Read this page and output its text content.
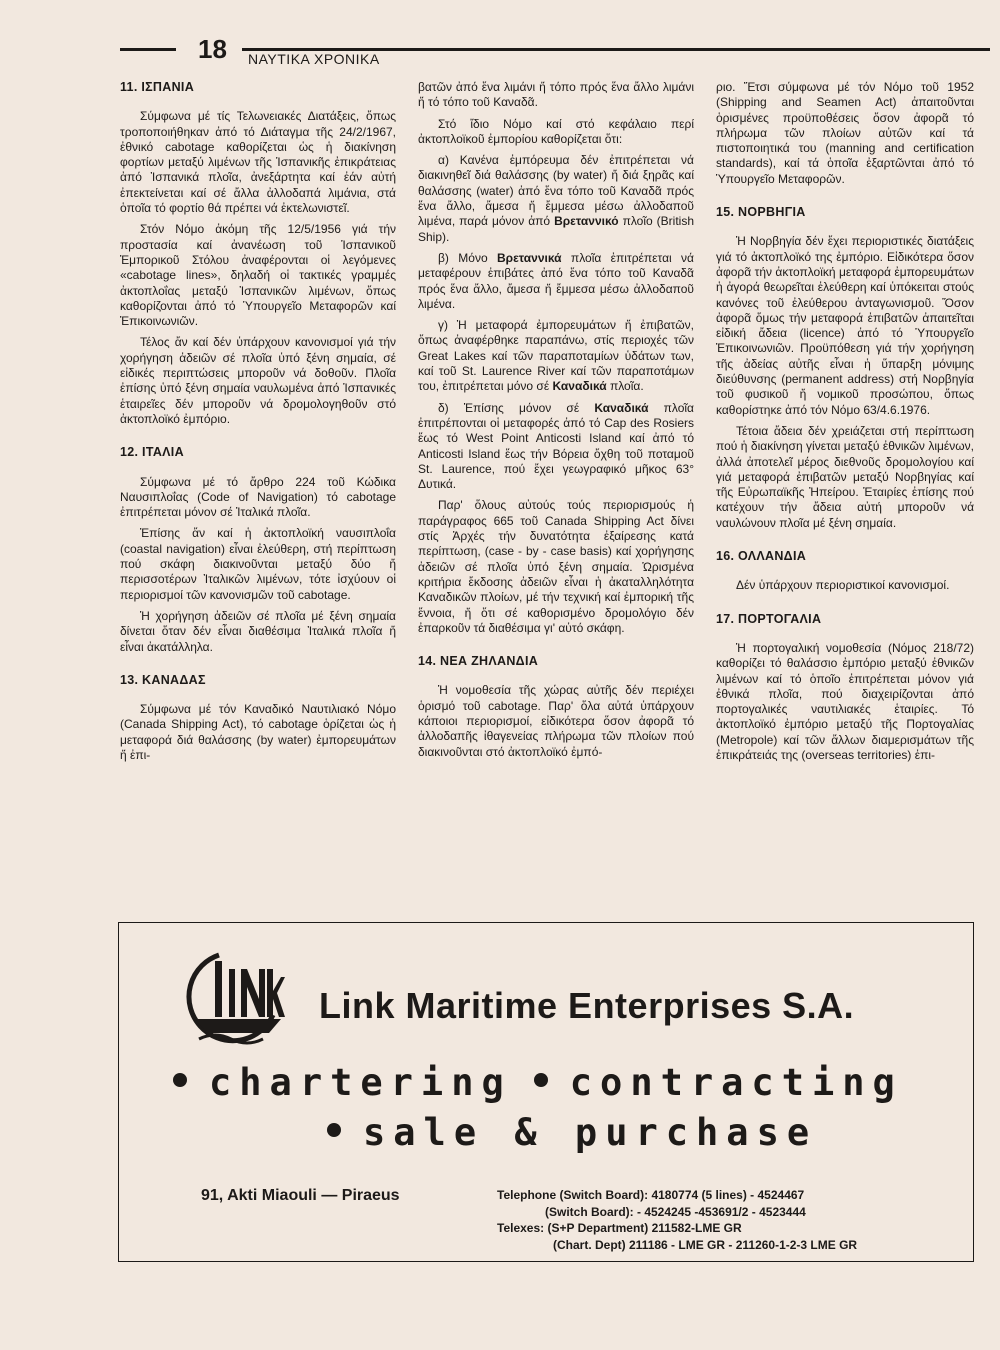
18 ΝΑΥΤΙΚΑ ΧΡΟΝΙΚΑ
11. ΙΣΠΑΝΙΑ

Σύμφωνα μέ τίς Τελωνειακές Διατάξεις, ὅπως τροποποιήθηκαν ἀπό τό Διάταγμα τῆς 24/2/1967, ἐθνικό cabotage καθορίζεται ὡς ἡ διακίνηση φορτίων μεταξύ λιμένων τῆς Ἱσπανικῆς ἐπικράτειας ἀπό Ἱσπανικά πλοῖα, ἀνεξάρτητα καί ἐάν αὐτή ἐπεκτείνεται καί σέ ἄλλα ἀλλοδαπά λιμάνια, στά ὁποῖα τό φορτίο θά πρέπει νά ἐκτελωνιστεῖ.

Στόν Νόμο ἀκόμη τῆς 12/5/1956 γιά τήν προστασία καί ἀνανέωση τοῦ Ἱσπανικοῦ Ἐμπορικοῦ Στόλου ἀναφέρονται οἱ λεγόμενες «cabotage lines», δηλαδή οἱ τακτικές γραμμές ἀκτοπλοΐας μεταξύ Ἱσπανικῶν λιμένων, ὅπως καθορίζονται ἀπό τό Ὑπουργεῖο Μεταφορῶν καί Ἐπικοινωνιῶν.

Τέλος ἄν καί δέν ὑπάρχουν κανονισμοί γιά τήν χορήγηση ἀδειῶν σέ πλοῖα ὑπό ξένη σημαία, σέ εἰδικές περιπτώσεις μποροῦν νά δοθοῦν. Πλοῖα ἐπίσης ὑπό ξένη σημαία ναυλωμένα ἀπό Ἱσπανικές ἑταιρεῖες δέν μποροῦν νά δρομολογηθοῦν στό ἀκτοπλοϊκό ἐμπόριο.

12. ΙΤΑΛΙΑ

Σύμφωνα μέ τό ἄρθρο 224 τοῦ Κώδικα Ναυσιπλοΐας (Code of Navigation) τό cabotage ἐπιτρέπεται μόνον σέ Ἰταλικά πλοῖα.

Ἐπίσης ἄν καί ἡ ἀκτοπλοϊκή ναυσιπλοΐα (coastal navigation) εἶναι ἐλεύθερη, στή περίπτωση πού σκάφη διακινοῦνται μεταξύ δύο ἤ περισσοτέρων Ἰταλικῶν λιμένων, τότε ἰσχύουν οἱ περιορισμοί τῶν κανονισμῶν τοῦ cabotage.

Ἡ χορήγηση ἀδειῶν σέ πλοῖα μέ ξένη σημαία δίνεται ὅταν δέν εἶναι διαθέσιμα Ἰταλικά πλοῖα ἤ εἶναι ἀκατάλληλα.

13. ΚΑΝΑΔΑΣ

Σύμφωνα μέ τόν Καναδικό Ναυτιλιακό Νόμο (Canada Shipping Act), τό cabotage ὁρίζεται ὡς ἡ μεταφορά διά θαλάσσης (by water) ἐμπορευμάτων ἤ ἐπι-

βατῶν ἀπό ἕνα λιμάνι ἤ τόπο πρός ἕνα ἄλλο λιμάνι ἤ τό τόπο τοῦ Καναδᾶ.

Στό ἴδιο Νόμο καί στό κεφάλαιο περί ἀκτοπλοϊκοῦ ἐμπορίου καθορίζεται ὅτι:

α) Κανένα ἐμπόρευμα δέν ἐπιτρέπεται νά διακινηθεῖ διά θαλάσσης (by water) ἤ διά ξηρᾶς καί θαλάσσης (water) ἀπό ἕνα τόπο τοῦ Καναδᾶ πρός ἕνα ἄλλο, ἄμεσα ἤ ἔμμεσα μέσω ἀλλοδαποῦ λιμένα, παρά μόνον ἀπό Βρεταννικό πλοῖο (British Ship).

β) Μόνο Βρεταννικά πλοῖα ἐπιτρέπεται νά μεταφέρουν ἐπιβάτες ἀπό ἕνα τόπο τοῦ Καναδᾶ πρός ἕνα ἄλλο, ἄμεσα ἤ ἔμμεσα μέσω ἀλλοδαποῦ λιμένα.

γ) Ἡ μεταφορά ἐμπορευμάτων ἤ ἐπιβατῶν, ὅπως ἀναφέρθηκε παραπάνω, στίς περιοχές τῶν Great Lakes καί τῶν παραποταμίων ὑδάτων των, καί τοῦ St. Laurence River καί τῶν παραποτάμων του, ἐπιτρέπεται μόνο σέ Καναδικά πλοῖα.

δ) Ἐπίσης μόνον σέ Καναδικά πλοῖα ἐπιτρέπονται οἱ μεταφορές ἀπό τό Cap des Rosiers ἕως τό West Point Anticosti Island καί ἀπό τό Anticosti Island ἕως τήν Βόρεια ὄχθη τοῦ ποταμοῦ St. Laurence, πού ἔχει γεωγραφικό μῆκος 63° Δυτικά.

Παρ' ὅλους αὐτούς τούς περιορισμούς ἡ παράγραφος 665 τοῦ Canada Shipping Act δίνει στίς Ἀρχές τήν δυνατότητα ἐξαίρεσης κατά περίπτωση, (case - by - case basis) καί χορήγησης ἀδειῶν σέ πλοῖα ὑπό ξένη σημαία. Ὡρισμένα κριτήρια ἔκδοσης ἀδειῶν εἶναι ἡ ἀκαταλληλότητα Καναδικῶν πλοίων, μέ τήν τεχνική καί ἐμπορική τῆς ἔννοια, ἤ ὅτι σέ καθορισμένο δρομολόγιο δέν ἐπαρκοῦν τά διαθέσιμα γι' αὐτό σκάφη.

14. ΝΕΑ ΖΗΛΑΝΔΙΑ

Ἡ νομοθεσία τῆς χώρας αὐτῆς δέν περιέχει ὁρισμό τοῦ cabotage. Παρ' ὅλα αὐτά ὑπάρχουν κάποιοι περιορισμοί, εἰδικότερα ὅσον ἀφορᾶ τό ἀλλοδαπῆς ἰθαγενείας πλήρωμα τῶν πλοίων πού διακινοῦνται στό ἀκτοπλοϊκό ἐμπό-

ριο. Ἔτσι σύμφωνα μέ τόν Νόμο τοῦ 1952 (Shipping and Seamen Act) ἀπαιτοῦνται ὁρισμένες προϋποθέσεις ὅσον ἀφορᾶ τό πλήρωμα τῶν πλοίων αὐτῶν καί τά πιστοποιητικά του (manning and certification standards), καί τά ὁποῖα ἐξαρτῶνται ἀπό τό Ὑπουργεῖο Μεταφορῶν.

15. ΝΟΡΒΗΓΙΑ

Ἡ Νορβηγία δέν ἔχει περιοριστικές διατάξεις γιά τό ἀκτοπλοϊκό της ἐμπόριο. Εἰδικότερα ὅσον ἀφορᾶ τήν ἀκτοπλοϊκή μεταφορά ἐμπορευμάτων ἡ ἀγορά θεωρεῖται ἐλεύθερη καί ὑπόκειται στούς κανόνες τοῦ ἐλεύθερου ἀνταγωνισμοῦ. Ὅσον ἀφορᾶ ὅμως τήν μεταφορά ἐπιβατῶν ἀπαιτεῖται εἰδική ἄδεια (licence) ἀπό τό Ὑπουργεῖο Ἐπικοινωνιῶν. Προϋπόθεση γιά τήν χορήγηση τῆς ἀδείας αὐτῆς εἶναι ἡ ὕπαρξη μόνιμης διεύθυνσης (permanent address) στή Νορβηγία τοῦ φυσικοῦ ἤ νομικοῦ προσώπου, ὅπως καθορίστηκε ἀπό τόν Νόμο 63/4.6.1976.

Τέτοια ἄδεια δέν χρειάζεται στή περίπτωση πού ἡ διακίνηση γίνεται μεταξύ ἐθνικῶν λιμένων, ἀλλά ἀποτελεῖ μέρος διεθνοῦς δρομολογίου καί γιά μεταφορά ἐπιβατῶν μεταξύ Νορβηγίας καί τῆς Εὐρωπαϊκῆς Ἠπείρου. Ἑταιρίες ἐπίσης πού κατέχουν τήν ἄδεια αὐτή μποροῦν νά ναυλώνουν πλοῖα μέ ξένη σημαία.

16. ΟΛΛΑΝΔΙΑ

Δέν ὑπάρχουν περιοριστικοί κανονισμοί.

17. ΠΟΡΤΟΓΑΛΙΑ

Ἡ πορτογαλική νομοθεσία (Νόμος 218/72) καθορίζει τό θαλάσσιο ἐμπόριο μεταξύ ἐθνικῶν λιμένων καί τό ὁποῖο ἐπιτρέπεται μόνον γιά ἐθνικά πλοῖα, πού διαχειρίζονται ἀπό πορτογαλικές ναυτιλιακές ἑταιρίες. Τό ἀκτοπλοϊκό ἐμπόριο μεταξύ τῆς Πορτογαλίας (Metropole) καί τῶν ἄλλων διαμερισμάτων τῆς ἐπικράτειάς της (overseas territories) ἐπι-

Link Maritime Enterprises S.A.
chartering contracting
sale & purchase
91, Akti Miaouli — Piraeus	Telephone (Switch Board): 4180774 (5 lines) - 4524467
(Switch Board): - 4524245 -453691/2 - 4523444
Telexes: (S+P Department) 211582-LME GR
(Chart. Dept) 211186 - LME GR - 211260-1-2-3 LME GR
